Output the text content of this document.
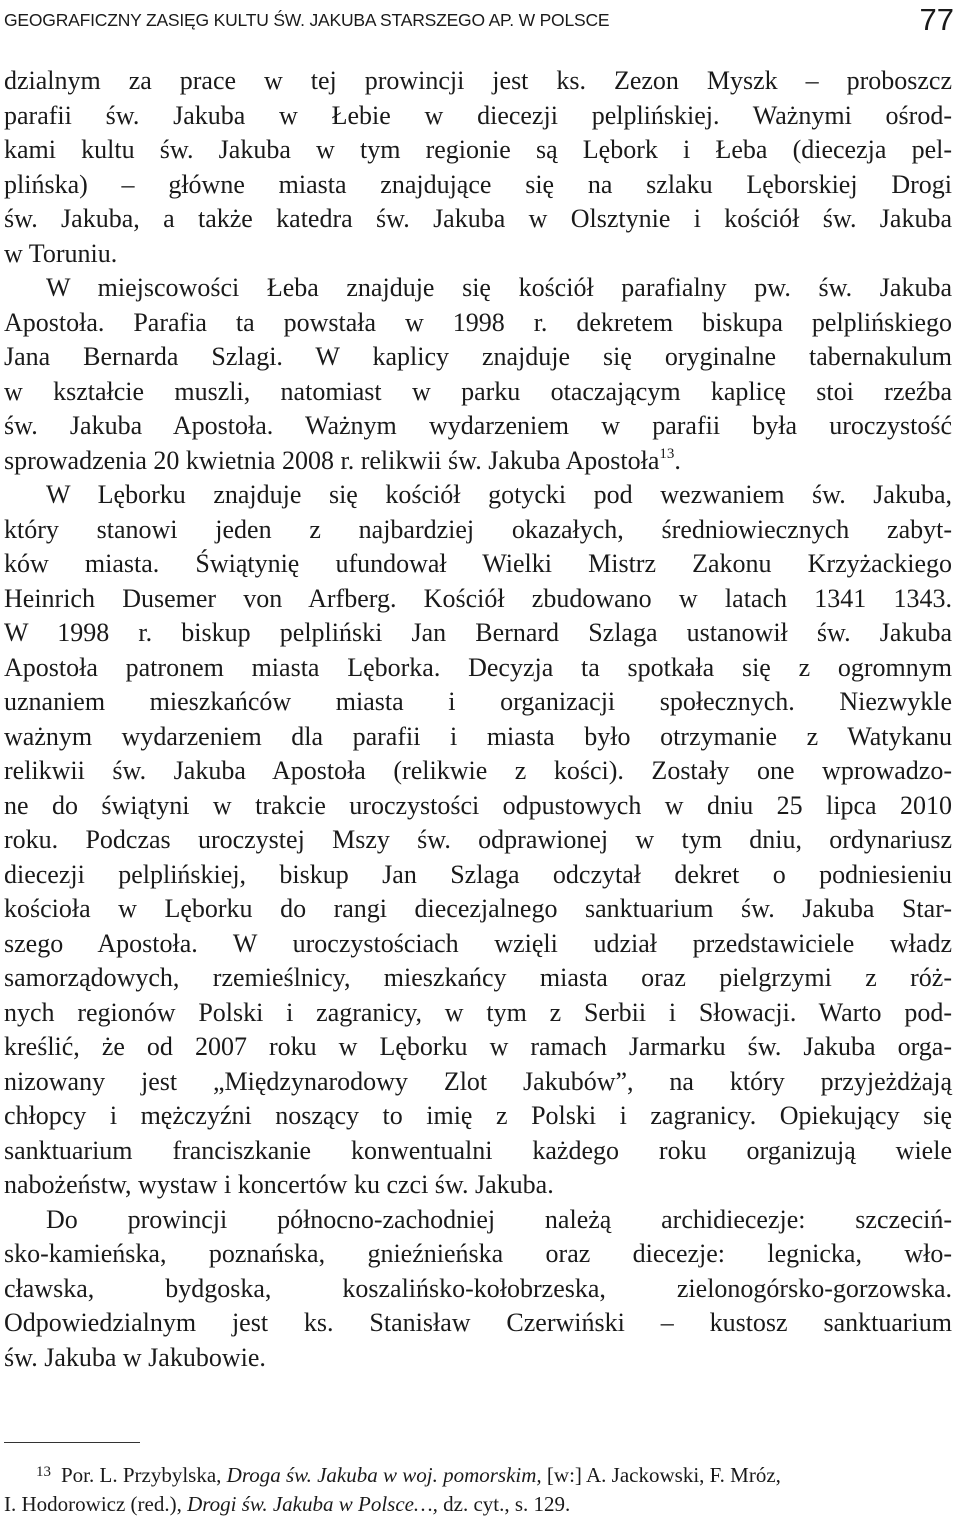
GEOGRAFICZNY ZASIĘG KULTU ŚW. JAKUBA STARSZEGO AP. W POLSCE	77

dzialnym za prace w tej prowincji jest ks. Zezon Myszk – proboszcz
parafii św. Jakuba w Łebie w diecezji pelplińskiej. Ważnymi ośrod-
kami kultu św. Jakuba w tym regionie są Lębork i Łeba (diecezja pel-
plińska) – główne miasta znajdujące się na szlaku Lęborskiej Drogi
św. Jakuba, a także katedra św. Jakuba w Olsztynie i kościół św. Jakuba
w Toruniu.

W miejscowości Łeba znajduje się kościół parafialny pw. św. Jakuba
Apostoła. Parafia ta powstała w 1998 r. dekretem biskupa pelplińskiego
Jana Bernarda Szlagi. W kaplicy znajduje się oryginalne tabernakulum
w kształcie muszli, natomiast w parku otaczającym kaplicę stoi rzeźba
św. Jakuba Apostoła. Ważnym wydarzeniem w parafii była uroczystość
sprowadzenia 20 kwietnia 2008 r. relikwii św. Jakuba Apostoła$^{13}$.

W Lęborku znajduje się kościół gotycki pod wezwaniem św. Jakuba,
który stanowi jeden z najbardziej okazałych, średniowiecznych zabyt-
ków miasta. Świątynię ufundował Wielki Mistrz Zakonu Krzyżackiego
Heinrich Dusemer von Arfberg. Kościół zbudowano w latach 1341 1343.
W 1998 r. biskup pelpliński Jan Bernard Szlaga ustanowił św. Jakuba
Apostoła patronem miasta Lęborka. Decyzja ta spotkała się z ogromnym
uznaniem mieszkańców miasta i organizacji społecznych. Niezwykle
ważnym wydarzeniem dla parafii i miasta było otrzymanie z Watykanu
relikwii św. Jakuba Apostoła (relikwie z kości). Zostały one wprowadzo-
ne do świątyni w trakcie uroczystości odpustowych w dniu 25 lipca 2010
roku. Podczas uroczystej Mszy św. odprawionej w tym dniu, ordynariusz
diecezji pelplińskiej, biskup Jan Szlaga odczytał dekret o podniesieniu
kościoła w Lęborku do rangi diecezjalnego sanktuarium św. Jakuba Star-
szego Apostoła. W uroczystościach wzięli udział przedstawiciele władz
samorządowych, rzemieślnicy, mieszkańcy miasta oraz pielgrzymi z róż-
nych regionów Polski i zagranicy, w tym z Serbii i Słowacji. Warto pod-
kreślić, że od 2007 roku w Lęborku w ramach Jarmarku św. Jakuba orga-
nizowany jest „Międzynarodowy Zlot Jakubów”, na który przyjeżdżają
chłopcy i mężczyźni noszący to imię z Polski i zagranicy. Opiekujący się
sanktuarium franciszkanie konwentualni każdego roku organizują wiele
nabożeństw, wystaw i koncertów ku czci św. Jakuba.

Do prowincji północno-zachodniej należą archidiecezje: szczeciń-
sko-kamieńska, poznańska, gnieźnieńska oraz diecezje: legnicka, wło-
cławska, bydgoska, koszalińsko-kołobrzeska, zielonogórsko-gorzowska.
Odpowiedzialnym jest ks. Stanisław Czerwiński – kustosz sanktuarium
św. Jakuba w Jakubowie.

$^{13}$ Por. L. Przybylska, Droga św. Jakuba w woj. pomorskim, [w:] A. Jackowski, F. Mróz,
I. Hodorowicz (red.), Drogi św. Jakuba w Polsce…, dz. cyt., s. 129.
